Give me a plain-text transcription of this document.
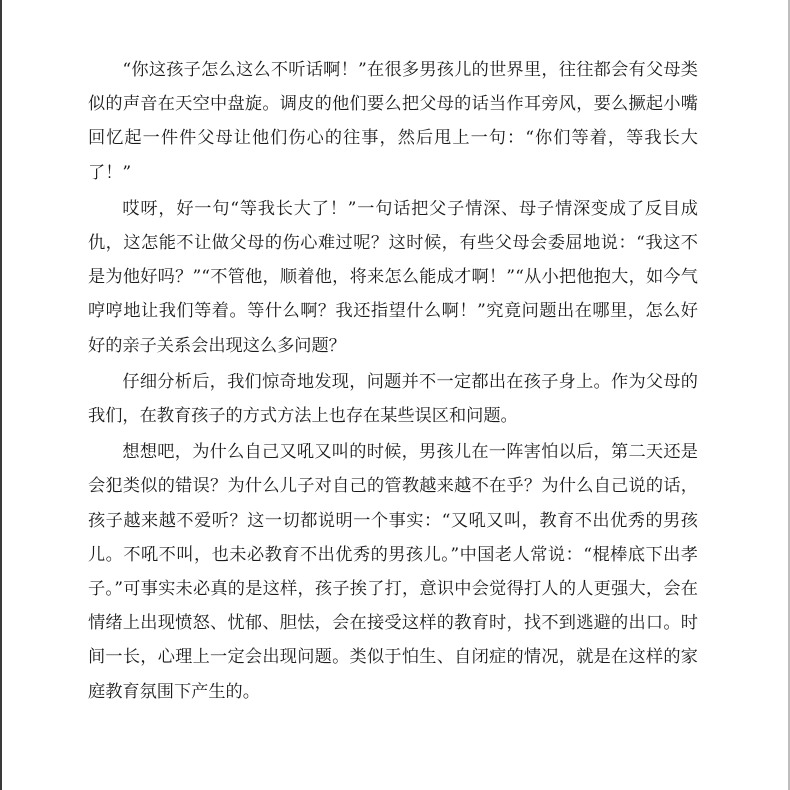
“你这孩子怎么这么不听话啊！”在很多男孩儿的世界里，往往都会有父母类似的声音在天空中盘旋。调皮的他们要么把父母的话当作耳旁风，要么撅起小嘴回忆起一件件父母让他们伤心的往事，然后甩上一句：“你们等着，等我长大了！”

哎呀，好一句“等我长大了！”一句话把父子情深、母子情深变成了反目成仇，这怎能不让做父母的伤心难过呢？这时候，有些父母会委屈地说：“我这不是为他好吗？”“不管他，顺着他，将来怎么能成才啊！”“从小把他抱大，如今气哼哼地让我们等着。等什么啊？我还指望什么啊！”究竟问题出在哪里，怎么好好的亲子关系会出现这么多问题？

仔细分析后，我们惊奇地发现，问题并不一定都出在孩子身上。作为父母的我们，在教育孩子的方式方法上也存在某些误区和问题。

想想吧，为什么自己又吼又叫的时候，男孩儿在一阵害怕以后，第二天还是会犯类似的错误？为什么儿子对自己的管教越来越不在乎？为什么自己说的话，孩子越来越不爱听？这一切都说明一个事实：“又吼又叫，教育不出优秀的男孩儿。不吼不叫，也未必教育不出优秀的男孩儿。”中国老人常说：“棍棒底下出孝子。”可事实未必真的是这样，孩子挨了打，意识中会觉得打人的人更强大，会在情绪上出现愤怒、忧郁、胆怯，会在接受这样的教育时，找不到逃避的出口。时间一长，心理上一定会出现问题。类似于怕生、自闭症的情况，就是在这样的家庭教育氛围下产生的。
